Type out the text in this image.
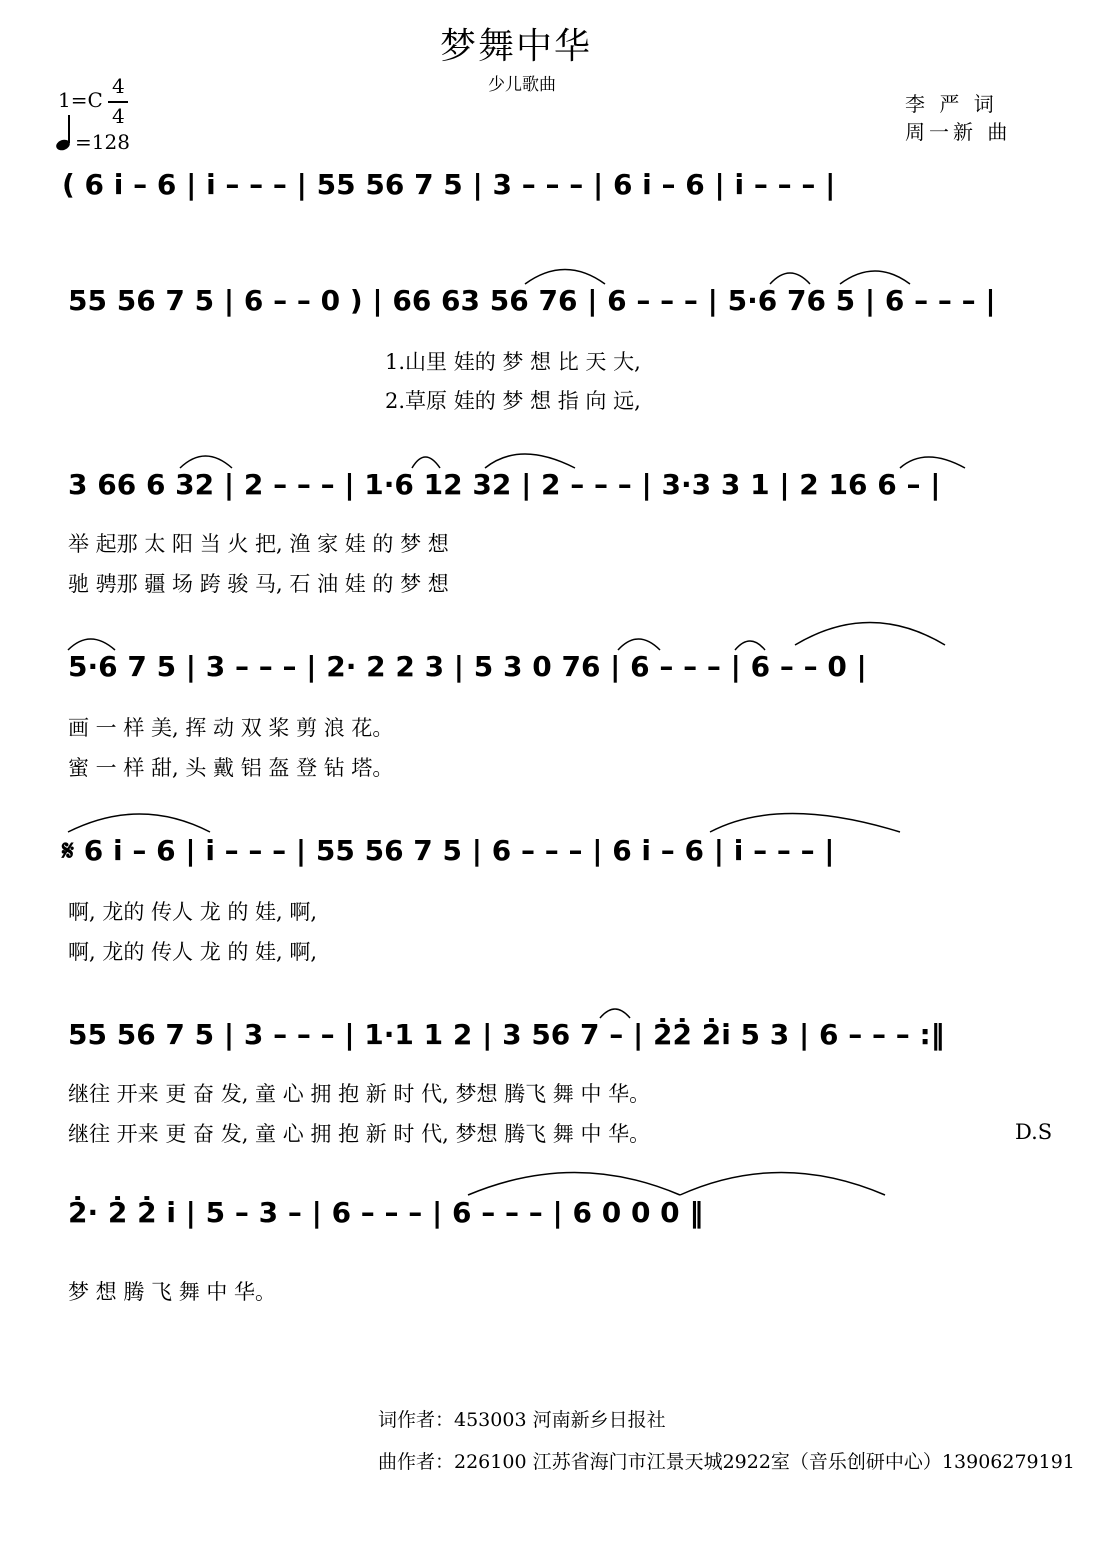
梦舞中华
少儿歌曲
1=C
4
4
=128
李 严 词
周一新 曲
( 6 i̇ – 6 | i̇ – – – | 55 56 7 5 | 3 – – – | 6 i̇ – 6 | i̇ – – – |
55 56 7 5 | 6 – – 0 ) | 66 63 56 76 | 6 – – – | 5·6 76 5 | 6 – – – |
1.山里 娃的 梦 想 比 天 大,
2.草原 娃的 梦 想 指 向 远,
3 66 6 32 | 2 – – – | 1·6 12 32 | 2 – – – | 3·3 3 1 | 2 16 6 – |
举 起那 太 阳 当 火 把, 渔 家 娃 的 梦 想
驰 骋那 疆 场 跨 骏 马, 石 油 娃 的 梦 想
5·6 7 5 | 3 – – – | 2· 2 2 3 | 5 3 0 76 | 6 – – – | 6 – – 0 |
画 一 样 美, 挥 动 双 桨 剪 浪 花。
蜜 一 样 甜, 头 戴 铝 盔 登 钻 塔。
𝄋 6 i̇ – 6 | i̇ – – – | 55 56 7 5 | 6 – – – | 6 i̇ – 6 | i̇ – – – |
啊, 龙的 传人 龙 的 娃, 啊,
啊, 龙的 传人 龙 的 娃, 啊,
55 56 7 5 | 3 – – – | 1·1 1 2 | 3 56 7 – | 2̇2̇ 2̇i̇ 5 3 | 6 – – – :‖
继往 开来 更 奋 发, 童 心 拥 抱 新 时 代, 梦想 腾飞 舞 中 华。
继往 开来 更 奋 发, 童 心 拥 抱 新 时 代, 梦想 腾飞 舞 中 华。	D.S
2̇· 2̇ 2̇ i̇ | 5 – 3 – | 6 – – – | 6 – – – | 6 0 0 0 ‖
梦 想 腾 飞 舞 中 华。
词作者：453003 河南新乡日报社
曲作者：226100 江苏省海门市江景天城2922室（音乐创研中心）13906279191
